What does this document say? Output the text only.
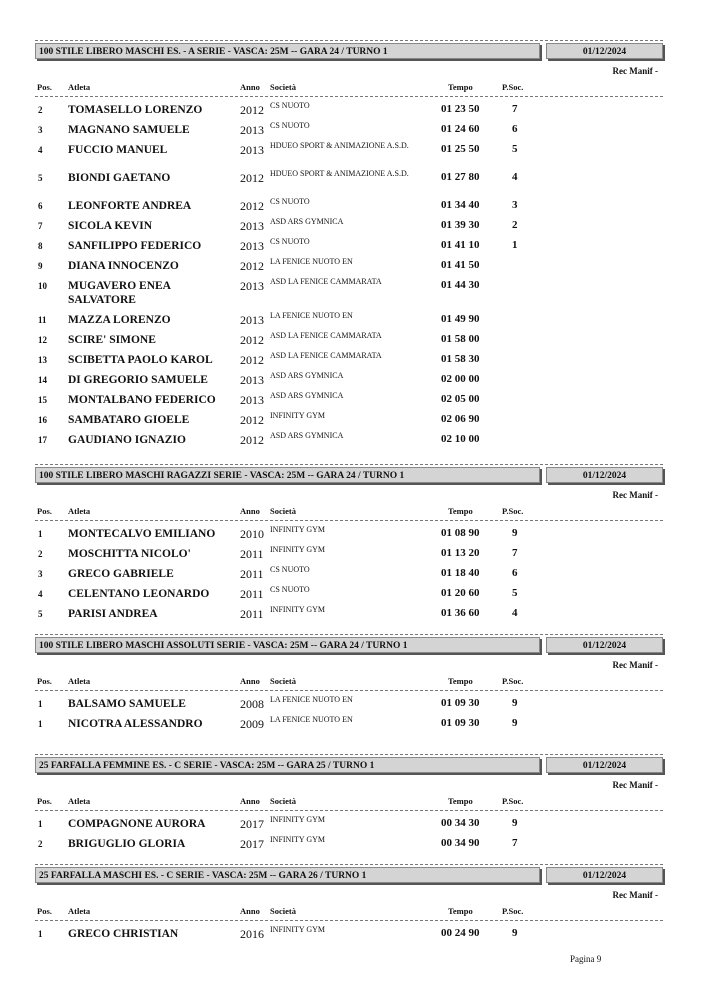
100 STILE LIBERO MASCHI ES. - A SERIE - VASCA: 25M -- GARA 24 / TURNO 1	01/12/2024
Rec Manif -
Pos. Atleta	Anno Società	Tempo	P.Soc.
2 TOMASELLO LORENZO	2012 CS NUOTO	01 23 50	7
3 MAGNANO SAMUELE	2013 CS NUOTO	01 24 60	6
4 FUCCIO MANUEL	2013 HDUEO SPORT & ANIMAZIONE A.S.D.	01 25 50	5
5 BIONDI GAETANO	2012 HDUEO SPORT & ANIMAZIONE A.S.D.	01 27 80	4
6 LEONFORTE ANDREA	2012 CS NUOTO	01 34 40	3
7 SICOLA KEVIN	2013 ASD ARS GYMNICA	01 39 30	2
8 SANFILIPPO FEDERICO	2013 CS NUOTO	01 41 10	1
9 DIANA INNOCENZO	2012 LA FENICE NUOTO EN	01 41 50
10 MUGAVERO ENEA SALVATORE
2013 ASD LA FENICE CAMMARATA	01 44 30
11 MAZZA LORENZO	2013 LA FENICE NUOTO EN	01 49 90
12 SCIRE' SIMONE	2012 ASD LA FENICE CAMMARATA	01 58 00
13 SCIBETTA PAOLO KAROL	2012 ASD LA FENICE CAMMARATA	01 58 30
14 DI GREGORIO SAMUELE	2013 ASD ARS GYMNICA	02 00 00
15 MONTALBANO FEDERICO	2013 ASD ARS GYMNICA	02 05 00
16 SAMBATARO GIOELE	2012 INFINITY GYM	02 06 90
17 GAUDIANO IGNAZIO	2012 ASD ARS GYMNICA	02 10 00
100 STILE LIBERO MASCHI RAGAZZI SERIE - VASCA: 25M -- GARA 24 / TURNO 1	01/12/2024
Rec Manif -
Pos. Atleta	Anno Società	Tempo	P.Soc.
1 MONTECALVO EMILIANO	2010 INFINITY GYM	01 08 90	9
2 MOSCHITTA NICOLO'	2011 INFINITY GYM	01 13 20	7
3 GRECO GABRIELE	2011 CS NUOTO	01 18 40	6
4 CELENTANO LEONARDO	2011 CS NUOTO	01 20 60	5
5 PARISI ANDREA	2011 INFINITY GYM	01 36 60	4
100 STILE LIBERO MASCHI ASSOLUTI SERIE - VASCA: 25M -- GARA 24 / TURNO 1	01/12/2024
Rec Manif -
Pos. Atleta	Anno Società	Tempo	P.Soc.
1 BALSAMO SAMUELE	2008 LA FENICE NUOTO EN	01 09 30	9
1 NICOTRA ALESSANDRO	2009 LA FENICE NUOTO EN	01 09 30	9
25 FARFALLA FEMMINE ES. - C SERIE - VASCA: 25M -- GARA 25 / TURNO 1	01/12/2024
Rec Manif -
Pos. Atleta	Anno Società	Tempo	P.Soc.
1 COMPAGNONE AURORA	2017 INFINITY GYM	00 34 30	9
2 BRIGUGLIO GLORIA	2017 INFINITY GYM	00 34 90	7
25 FARFALLA MASCHI ES. - C SERIE - VASCA: 25M -- GARA 26 / TURNO 1	01/12/2024
Rec Manif -
Pos. Atleta	Anno Società	Tempo	P.Soc.
1 GRECO CHRISTIAN	2016 INFINITY GYM	00 24 90	9
Pagina 9
